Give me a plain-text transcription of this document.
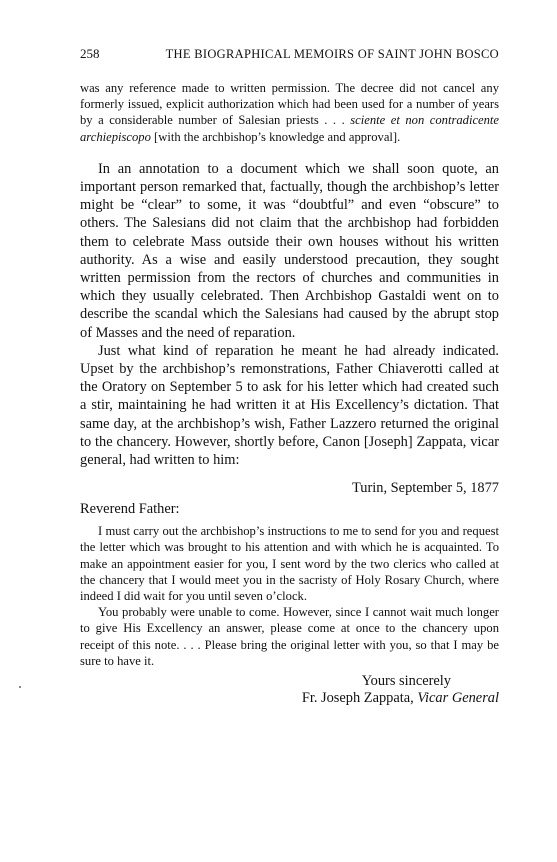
258	THE BIOGRAPHICAL MEMOIRS OF SAINT JOHN BOSCO

was any reference made to written permission. The decree did not cancel any formerly issued, explicit authorization which had been used for a number of years by a considerable number of Salesian priests . . . sciente et non contradicente archiepiscopo [with the archbishop’s knowledge and approval].

In an annotation to a document which we shall soon quote, an important person remarked that, factually, though the archbishop’s letter might be “clear” to some, it was “doubtful” and even “obscure” to others. The Salesians did not claim that the archbishop had forbidden them to celebrate Mass outside their own houses without his written authority. As a wise and easily understood precaution, they sought written permission from the rectors of churches and communities in which they usually celebrated. Then Archbishop Gastaldi went on to describe the scandal which the Salesians had caused by the abrupt stop of Masses and the need of reparation.

Just what kind of reparation he meant he had already indicated. Upset by the archbishop’s remonstrations, Father Chiaverotti called at the Oratory on September 5 to ask for his letter which had created such a stir, maintaining he had written it at His Excellency’s dictation. That same day, at the archbishop’s wish, Father Lazzero returned the original to the chancery. However, shortly before, Canon [Joseph] Zappata, vicar general, had written to him:

Turin, September 5, 1877
Reverend Father:

I must carry out the archbishop’s instructions to me to send for you and request the letter which was brought to his attention and with which he is acquainted. To make an appointment easier for you, I sent word by the two clerics who called at the chancery that I would meet you in the sacristy of Holy Rosary Church, where indeed I did wait for you until seven o’clock.

You probably were unable to come. However, since I cannot wait much longer to give His Excellency an answer, please come at once to the chancery upon receipt of this note. . . . Please bring the original letter with you, so that I may be sure to have it.

Yours sincerely
Fr. Joseph Zappata, Vicar General
